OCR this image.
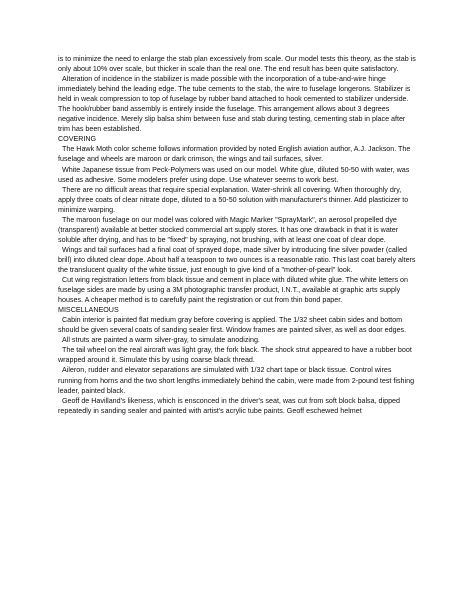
is to minimize the need to enlarge the stab plan excessively from scale. Our model tests this theory, as the stab is only about 10% over scale, but thicker in scale than the real one. The end result has been quite satisfactory.

Alteration of incidence in the stabilizer is made possible with the incorporation of a tube-and-wire hinge immediately behind the leading edge. The tube cements to the stab, the wire to fuselage longerons. Stabilizer is held in weak compression to top of fuselage by rubber band attached to hook cemented to stabilizer underside. The hook/rubber band assembly is entirely inside the fuselage. This arrangement allows about 3 degrees negative incidence. Merely slip balsa shim between fuse and stab during testing, cementing stab in place after trim has been established.

COVERING

The Hawk Moth color scheme follows information provided by noted English aviation author, A.J. Jackson. The fuselage and wheels are maroon or dark crimson, the wings and tail surfaces, silver.

White Japanese tissue from Peck-Polymers was used on our model. White glue, diluted 50-50 with water, was used as adhesive. Some modelers prefer using dope. Use whatever seems to work best.

There are no difficult areas that require special explanation. Water-shrink all covering. When thoroughly dry, apply three coats of clear nitrate dope, diluted to a 50-50 solution with manufacturer's thinner. Add plasticizer to minimize warping.

The maroon fuselage on our model was colored with Magic Marker "SprayMark", an aerosol propelled dye (transparent) available at better stocked commercial art supply stores. It has one drawback in that it is water soluble after drying, and has to be "fixed" by spraying, not brushing, with at least one coat of clear dope.

Wings and tail surfaces had a final coat of sprayed dope, made silver by introducing fine silver powder (called brill) into diluted clear dope. About half a teaspoon to two ounces is a reasonable ratio. This last coat barely alters the translucent quality of the white tissue, just enough to give kind of a "mother-of-pearl" look.

Cut wing registration letters from black tissue and cement in place with diluted white glue. The white letters on fuselage sides are made by using a 3M photographic transfer product, I.N.T., available at graphic arts supply houses. A cheaper method is to carefully paint the registration or cut from thin bond paper.

MISCELLANEOUS

Cabin interior is painted flat medium gray before covering is applied. The 1/32 sheet cabin sides and bottom should be given several coats of sanding sealer first. Window frames are painted silver, as well as door edges.

All struts are painted a warm silver-gray, to simulate anodizing.

The tail wheel on the real aircraft was light gray, the fork black. The shock strut appeared to have a rubber boot wrapped around it. Simulate this by using coarse black thread.

Aileron, rudder and elevator separations are simulated with 1/32 chart tape or black tissue. Control wires running from horns and the two short lengths immediately behind the cabin, were made from 2-pound test fishing leader, painted black.

Geoff de Havilland's likeness, which is ensconced in the driver's seat, was cut from soft block balsa, dipped repeatedly in sanding sealer and painted with artist's acrylic tube paints. Geoff eschewed helmet
